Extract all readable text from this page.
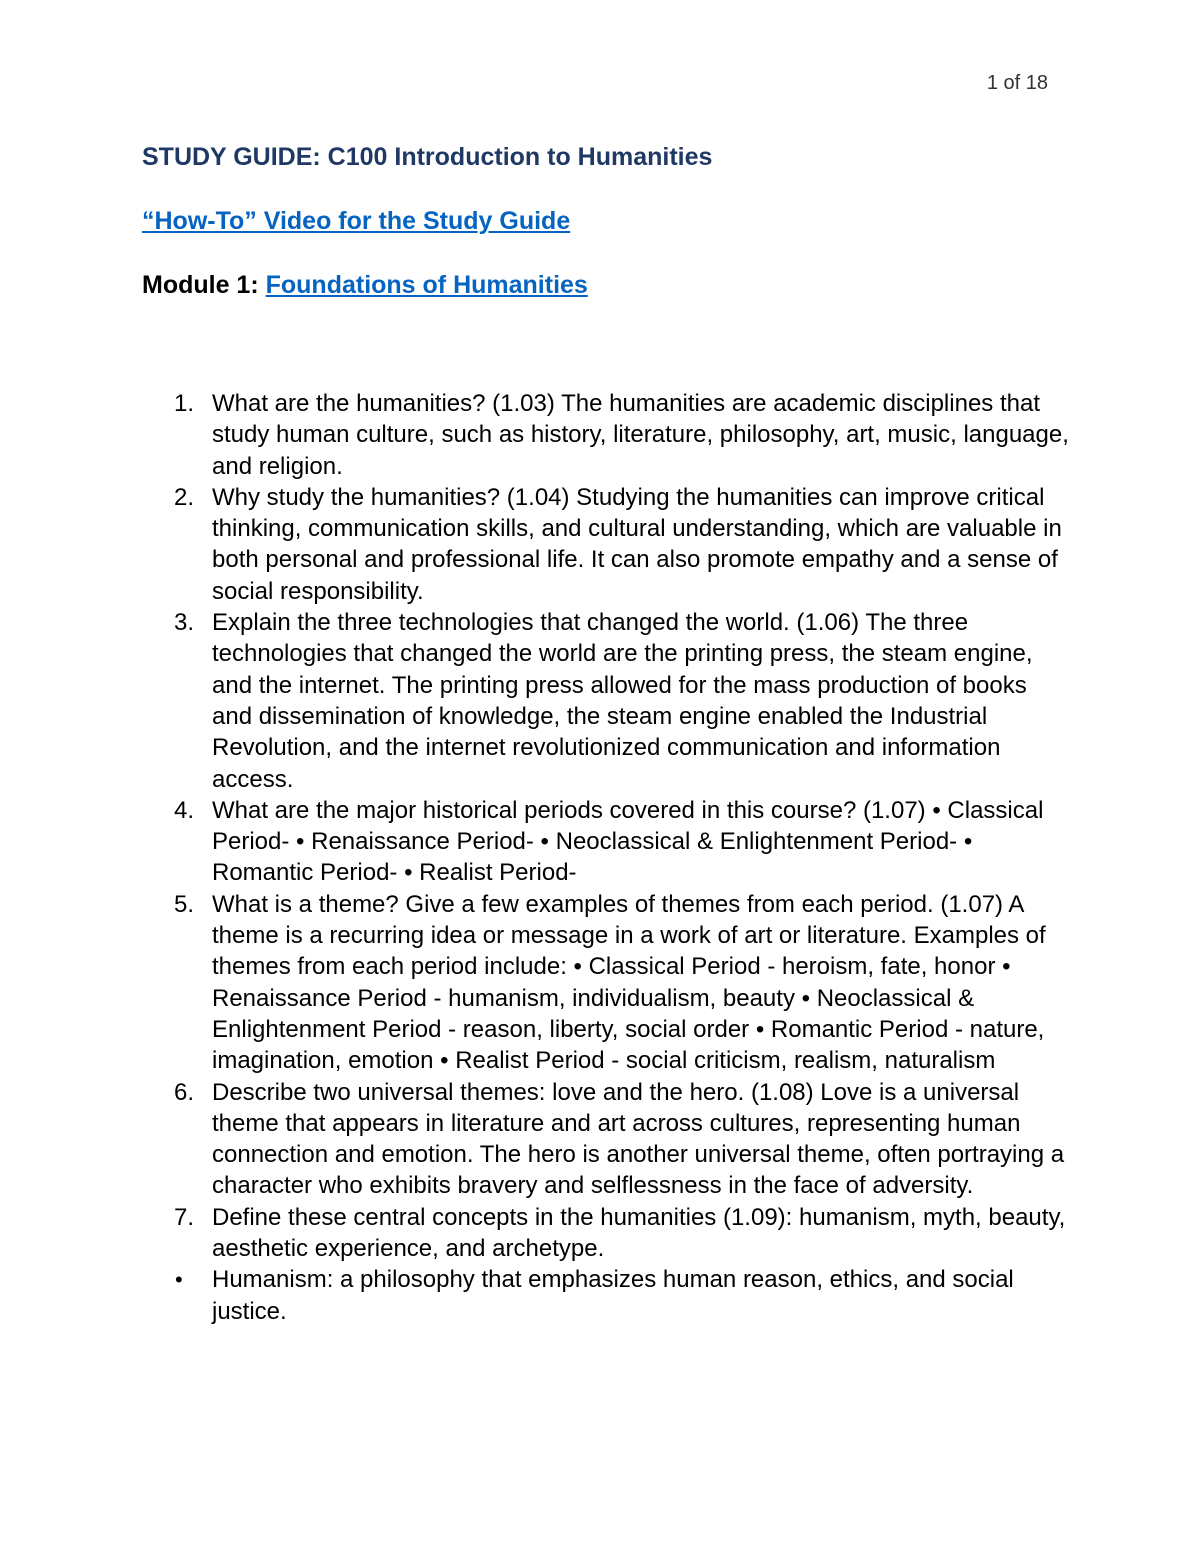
1 of 18
STUDY GUIDE: C100 Introduction to Humanities
“How-To” Video for the Study Guide
Module 1: Foundations of Humanities
1. What are the humanities? (1.03) The humanities are academic disciplines that study human culture, such as history, literature, philosophy, art, music, language, and religion.
2. Why study the humanities? (1.04) Studying the humanities can improve critical thinking, communication skills, and cultural understanding, which are valuable in both personal and professional life. It can also promote empathy and a sense of social responsibility.
3. Explain the three technologies that changed the world. (1.06) The three technologies that changed the world are the printing press, the steam engine, and the internet. The printing press allowed for the mass production of books and dissemination of knowledge, the steam engine enabled the Industrial Revolution, and the internet revolutionized communication and information access.
4. What are the major historical periods covered in this course? (1.07) • Classical Period- • Renaissance Period- • Neoclassical & Enlightenment Period- • Romantic Period- • Realist Period-
5. What is a theme? Give a few examples of themes from each period. (1.07) A theme is a recurring idea or message in a work of art or literature. Examples of themes from each period include: • Classical Period - heroism, fate, honor • Renaissance Period - humanism, individualism, beauty • Neoclassical & Enlightenment Period - reason, liberty, social order • Romantic Period - nature, imagination, emotion • Realist Period - social criticism, realism, naturalism
6. Describe two universal themes: love and the hero. (1.08) Love is a universal theme that appears in literature and art across cultures, representing human connection and emotion. The hero is another universal theme, often portraying a character who exhibits bravery and selflessness in the face of adversity.
7. Define these central concepts in the humanities (1.09): humanism, myth, beauty, aesthetic experience, and archetype.
• Humanism: a philosophy that emphasizes human reason, ethics, and social justice.
